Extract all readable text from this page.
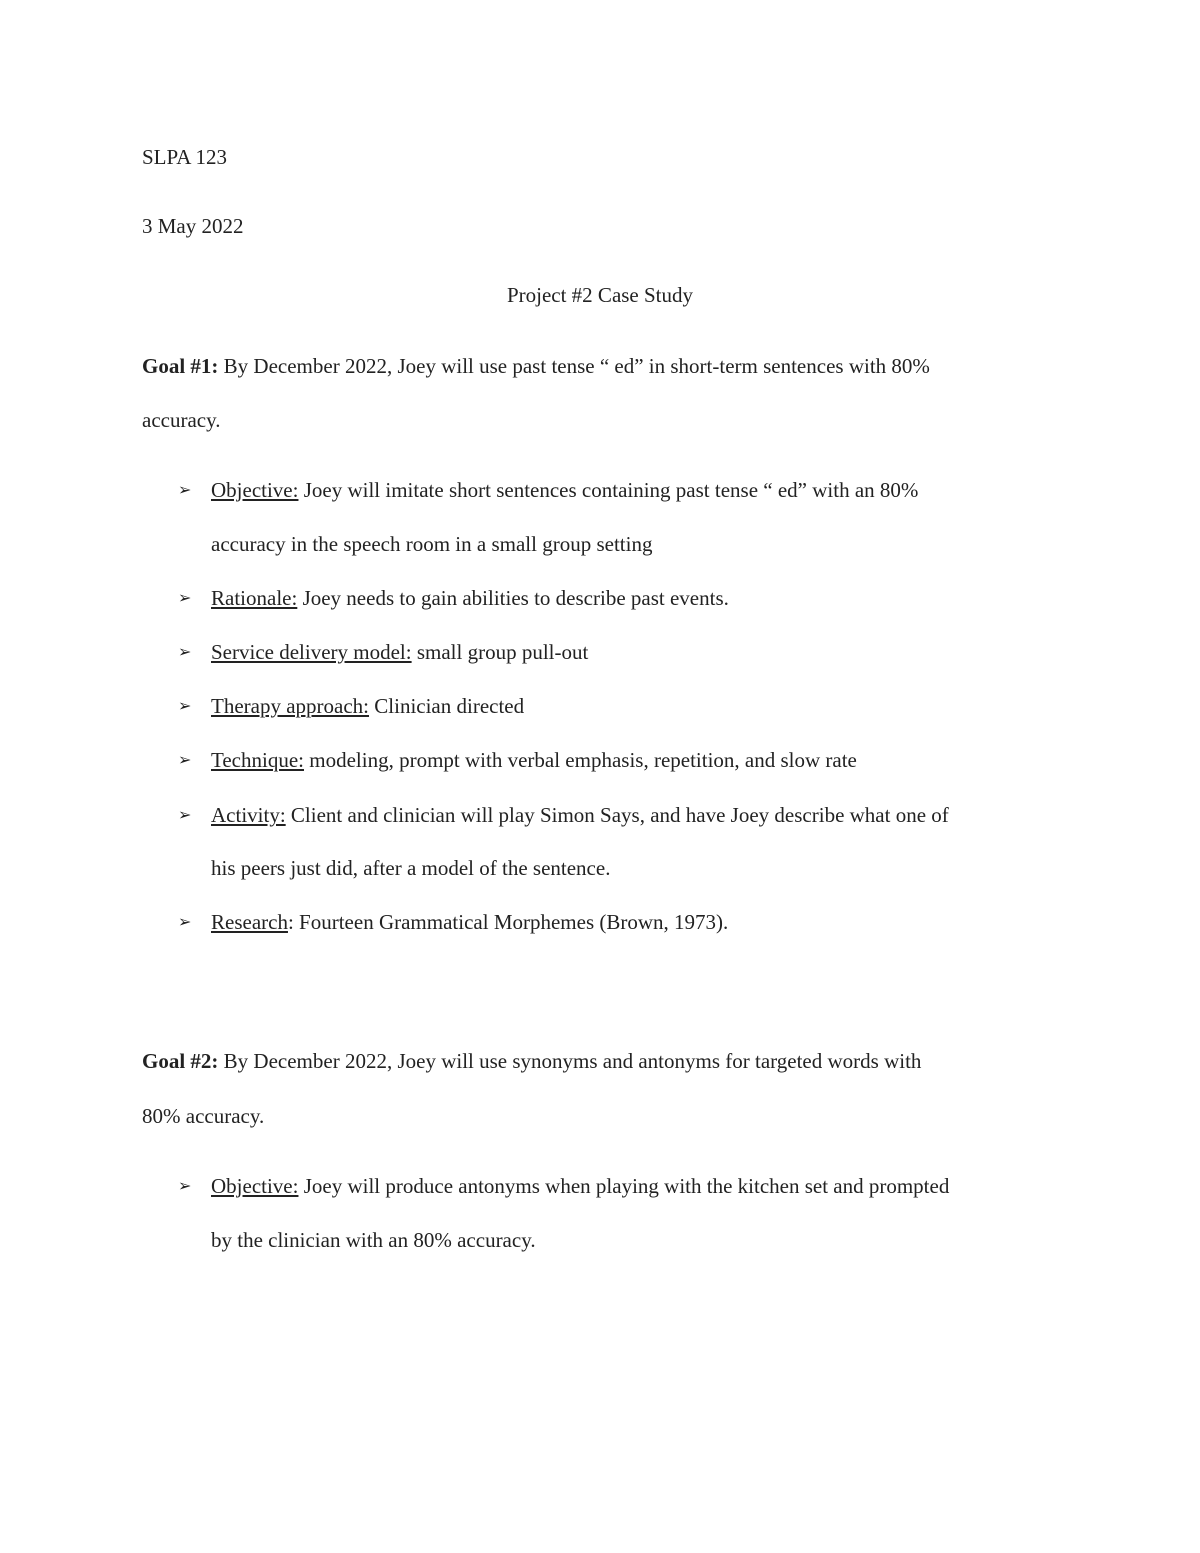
SLPA 123
3 May 2022
Project #2 Case Study
Goal #1: By December 2022, Joey will use past tense “ ed” in short-term sentences with 80%
accuracy.
➢ Objective: Joey will imitate short sentences containing past tense “ ed” with an 80%
accuracy in the speech room in a small group setting
➢ Rationale: Joey needs to gain abilities to describe past events.
➢ Service delivery model: small group pull-out
➢ Therapy approach: Clinician directed
➢ Technique: modeling, prompt with verbal emphasis, repetition, and slow rate
➢ Activity: Client and clinician will play Simon Says, and have Joey describe what one of
his peers just did, after a model of the sentence.
➢ Research: Fourteen Grammatical Morphemes (Brown, 1973).
Goal #2: By December 2022, Joey will use synonyms and antonyms for targeted words with
80% accuracy.
➢ Objective: Joey will produce antonyms when playing with the kitchen set and prompted
by the clinician with an 80% accuracy.
